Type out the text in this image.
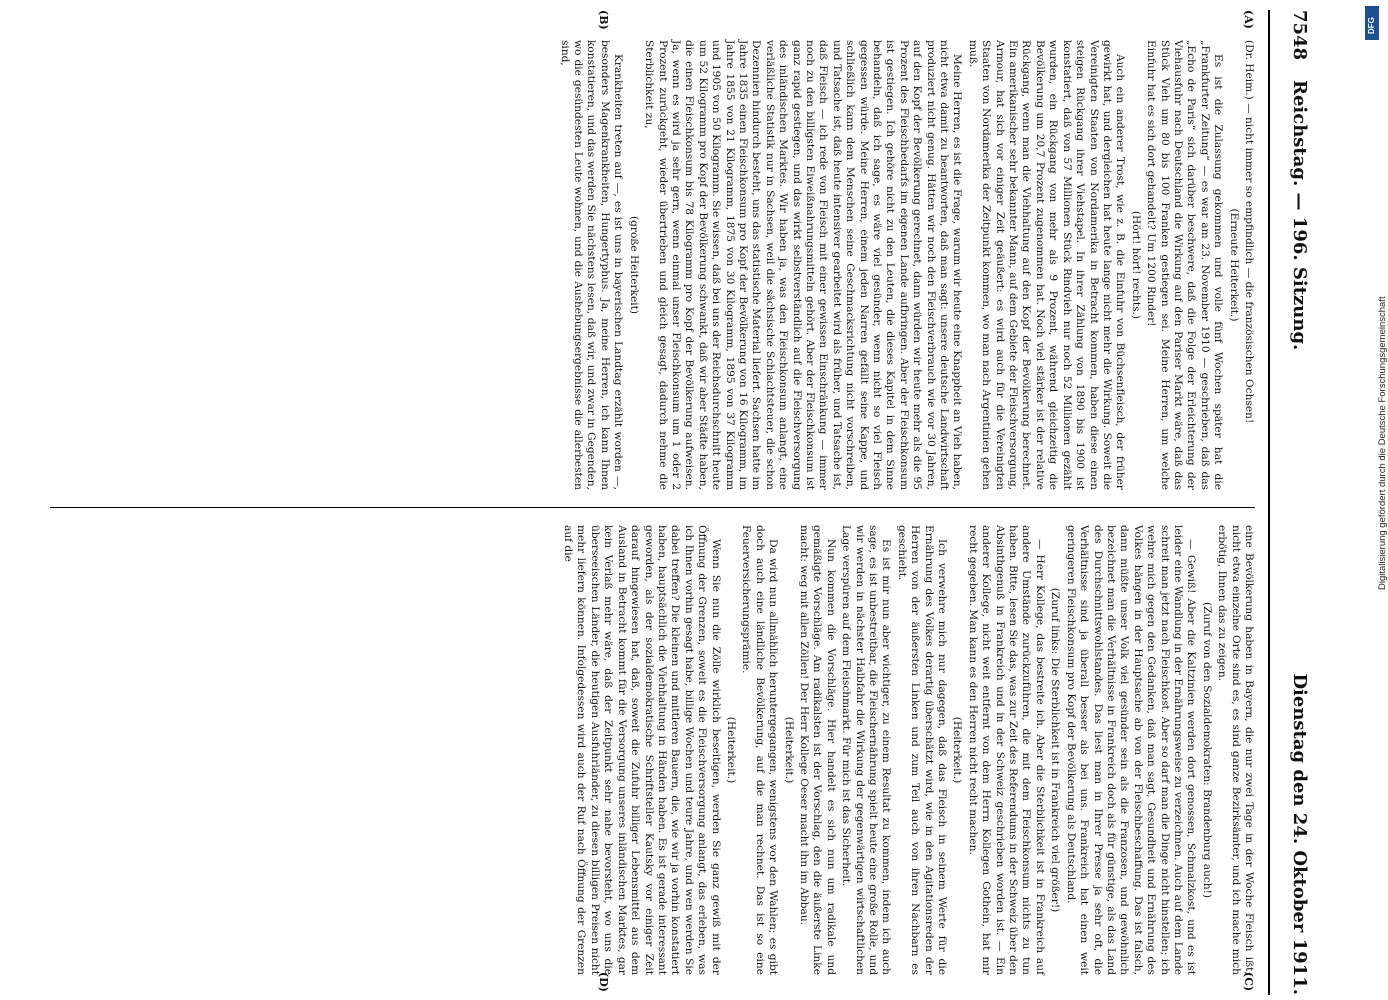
7548
Reichstag. — 196. Sitzung.
Dienstag den 24. Oktober 1911.
(A)
(B)
(C)
(D)

(Dr. Heim.) — nicht immer so empfindlich — die französischen Ochsen!

(Erneute Heiterkeit.)

Es ist die Zulassung gekommen und volle fünf Wochen später hat die „Frankfurter Zeitung“ — es war am 23. November 1910 — geschrieben, daß das „Echo de Paris“ sich darüber beschwere, daß die Folge der Erleichterung der Viehausfuhr nach Deutschland die Wirkung auf den Pariser Markt wäre, daß das Stück Vieh um 80 bis 100 Franken gestiegen sei. Meine Herren, um welche Einfuhr hat es sich dort gehandelt? Um 1200 Rinder!

(Hört! hört! rechts.)

Auch ein anderer Trost, wie z. B. die Einfuhr von Büchsenfleisch, der früher gewirkt hat, und dergleichen hat heute lange nicht mehr die Wirkung. Soweit die Vereinigten Staaten von Nordamerika in Betracht kommen, haben diese einen steigen Rückgang ihrer Viehstapel. In ihrer Zählung von 1890 bis 1900 ist konstatiert, daß von 57 Millionen Stück Rindvieh nur noch 52 Millionen gezählt wurden, ein Rückgang von mehr als 9 Prozent, während gleichzeitig die Bevölkerung um 20,7 Prozent zugenommen hat. Noch viel stärker ist der relative Rückgang, wenn man die Viehhaltung auf den Kopf der Bevölkerung berechnet. Ein amerikanischer sehr bekannter Mann, auf dem Gebiete der Fleischversorgung, Armour, hat sich vor einiger Zeit geäußert: es wird auch für die Vereinigten Staaten von Nordamerika der Zeitpunkt kommen, wo man nach Argentinien gehen muß.

Meine Herren, es ist die Frage, warum wir heute eine Knappheit an Vieh haben, nicht etwa damit zu beantworten, daß man sagt: unsere deutsche Landwirtschaft produziert nicht genug. Hätten wir noch den Fleischverbrauch wie vor 30 Jahren, auf den Kopf der Bevölkerung gerechnet, dann würden wir heute mehr als die 95 Prozent des Fleischbedarfs im eigenen Lande aufbringen. Aber der Fleischkonsum ist gestiegen. Ich gehöre nicht zu den Leuten, die dieses Kapitel in dem Sinne behandeln, daß ich sage, es wäre viel gesünder, wenn nicht so viel Fleisch gegessen würde. Meine Herren, einem jeden Narren gefällt seine Kappe, und schließlich kann dem Menschen seine Geschmacksrichtung nicht vorschreiben, und Tatsache ist, daß heute intensiver gearbeitet wird als früher, und Tatsache ist, daß Fleisch — ich rede von Fleisch mit einer gewissen Einschränkung — immer noch zu den billigsten Eiweißnahrungsmitteln gehört. Aber der Fleischkonsum ist ganz rapid gestiegen, und das wirkt selbstverständlich auf die Fleischversorgung des inländischen Marktes. Wir haben ja, was den Fleischkonsum anlangt, eine verläßliche Statistik nur in Sachsen, weil die sächsische Schlachtsteuer, die schon Dezennien hindurch besteht, uns das statistische Material liefert. Sachsen hatte im Jahre 1835 einen Fleischkonsum pro Kopf der Bevölkerung von 16 Kilogramm, im Jahre 1855 von 21 Kilogramm, 1875 von 30 Kilogramm, 1895 von 37 Kilogramm und 1905 von 50 Kilogramm. Sie wissen, daß bei uns der Reichsdurchschnitt heute um 52 Kilogramm pro Kopf der Bevölkerung schwankt, daß wir aber Städte haben, die einen Fleischkonsum bis 78 Kilogramm pro Kopf der Bevölkerung aufweisen. Ja, wenn es wird ja sehr gern, wenn einmal unser Fleischkonsum um 1 oder 2 Prozent zurückgeht, wieder übertrieben und gleich gesagt, dadurch nehme die Sterblichkeit zu,

(große Heiterkeit)

Krankheiten treten auf —, es ist uns in bayerischen Landtag erzählt worden —, besonders Magenkrankheiten, Hungertyphus. Ja, meine Herren, ich kann Ihnen konstatieren, und das werden Sie nächstens lesen, daß wir, und zwar in Gegenden, wo die gesündesten Leute wohnen, und die Aushebungsergebnisse die allerbesten sind,

eine Bevölkerung haben in Bayern, die nur zwei Tage in der Woche Fleisch ißt; nicht etwa einzelne Orte sind es, es sind ganze Bezirksämter, und ich mache mich erbötig, Ihnen das zu zeigen.

(Zuruf von den Sozialdemokraten: Brandenburg auch!)

— Gewiß! Aber die Kaltzinien werden dort genossen, Schmalzkost, und es ist leider eine Wandlung in der Ernährungsweise zu verzeichnen. Auch auf dem Lande schreit man jetzt nach Fleischkost. Aber so darf man die Dinge nicht hinstellen; ich wehre mich gegen den Gedanken, daß man sagt, Gesundheit und Ernährung des Volkes hängen in der Hauptsache ab von der Fleischbeschaffung. Das ist falsch, dann müßte unser Volk viel gesünder sein als die Franzosen, und gewöhnlich bezeichnet man die Verhältnisse in Frankreich doch als für günstige, als das Land des Durchschnittswohlstandes. Das liest man in Ihrer Presse ja sehr oft, die Verhältnisse sind ja überall besser als bei uns. Frankreich hat einen weit geringeren Fleischkonsum pro Kopf der Bevölkerung als Deutschland.

(Zuruf links: Die Sterblichkeit ist in Frankreich viel größer!)

— Herr Kollege, das bestreite ich. Aber die Sterblichkeit ist in Frankreich auf andere Umstände zurückzuführen, die mit dem Fleischkonsum nichts zu tun haben. Bitte, lesen Sie das, was zur Zeit des Referendums in der Schweiz über den Absinthgenuß in Frankreich und in der Schweiz geschrieben worden ist. — Ein anderer Kollege, nicht weit entfernt von dem Herrn Kollegen Gothein, hat mir recht gegeben. Man kann es den Herren nicht recht machen.

(Heiterkeit.)

Ich verwehre mich nur dagegen, daß das Fleisch in seinem Werte für die Ernährung des Volkes derartig überschätzt wird, wie in den Agitationsreden der Herren von der äußersten Linken und zum Teil auch von ihren Nachbarn es geschieht.

Es ist mir nun aber wichtiger, zu einem Resultat zu kommen, indem ich auch sage, es ist unbestreitbar, die Fleischernährung spielt heute eine große Rolle, und wir werden in nächster Halbfahr die Wirkung der gegenwärtigen wirtschaftlichen Lage verspüren auf dem Fleischmarkt. Für mich ist das Sicherheit.

Nun kommen die Vorschläge. Hier handelt es sich nun um radikale und gemäßigte Vorschläge. Am radikalsten ist der Vorschlag, den die äußerste Linke macht: weg mit allen Zöllen! Der Herr Kollege Oeser macht ihn im Abbau.

(Heiterkeit.)

Da wird nun allmählich heruntergegangen, wenigstens vor den Wahlen; es gibt doch auch eine ländliche Bevölkerung, auf die man rechnet. Das ist so eine Feuerversicherungsprämie.

(Heiterkeit.)

Wenn Sie nun die Zölle wirklich beseitigen, werden Sie ganz gewiß mit der Öffnung der Grenzen, soweit es die Fleischversorgung anlangt, das erleben, was ich Ihnen vorhin gesagt habe, billige Wochen und teure Jahre, und wen werden Sie dabei treffen? Die kleinen und mittleren Bauern, die, wie wir ja vorhin konstatiert haben, hauptsächlich die Viehhaltung in Händen haben. Es ist gerade interessant geworden, als der sozialdemokratische Schriftsteller Kautsky vor einiger Zeit darauf hingewiesen hat, daß, soweit die Zufuhr billiger Lebensmittel aus dem Ausland in Betracht kommt für die Versorgung unseres inländischen Marktes, gar kein Verlaß mehr wäre, daß der Zeitpunkt sehr nahe bevorsteht, wo uns die überseeischen Länder, die heutigen Ausfuhrländer, zu diesen billigen Preisen nicht mehr liefern können. Infolgedessen wird auch der Ruf nach Öffnung der Grenzen auf die

DFG
Digitalisierung gefördert durch die Deutsche Forschungsgemeinschaft
